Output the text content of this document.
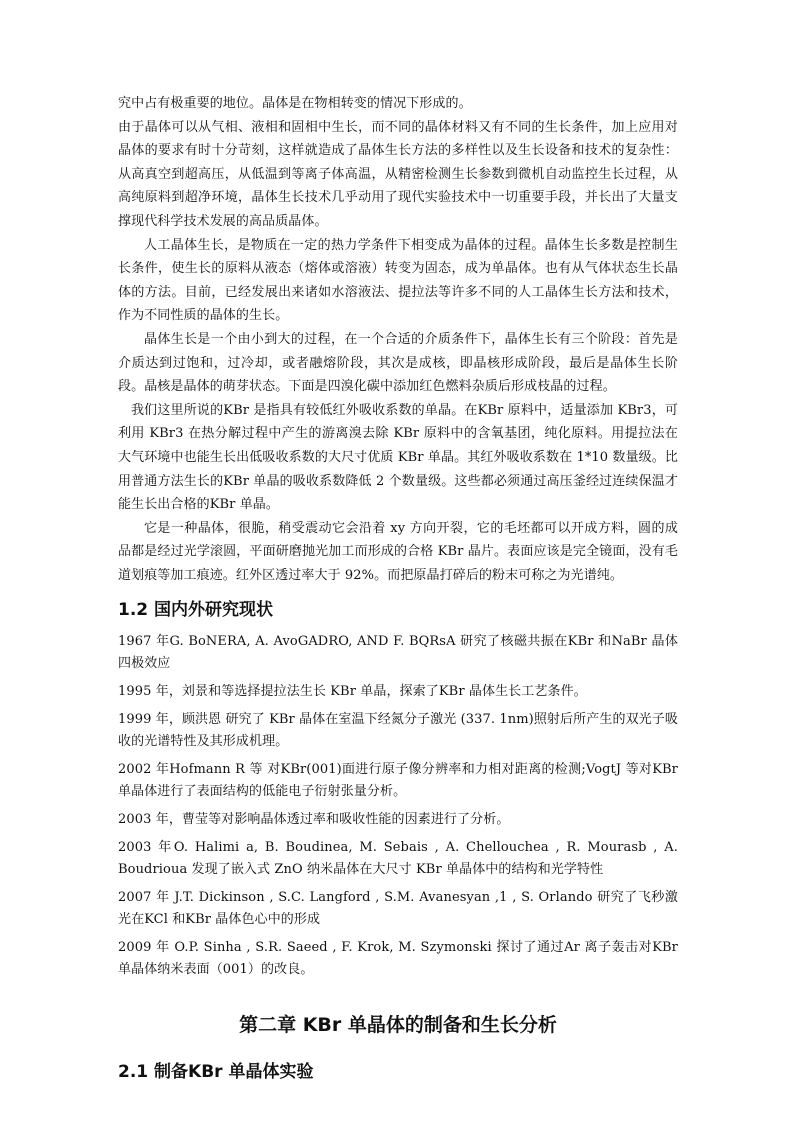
究中占有极重要的地位。晶体是在物相转变的情况下形成的。

由于晶体可以从气相、液相和固相中生长，而不同的晶体材料又有不同的生长条件，加上应用对晶体的要求有时十分苛刻，这样就造成了晶体生长方法的多样性以及生长设备和技术的复杂性：从高真空到超高压，从低温到等离子体高温，从精密检测生长参数到微机自动监控生长过程，从高纯原料到超净环境，晶体生长技术几乎动用了现代实验技术中一切重要手段，并长出了大量支撑现代科学技术发展的高品质晶体。

人工晶体生长，是物质在一定的热力学条件下相变成为晶体的过程。晶体生长多数是控制生长条件，使生长的原料从液态（熔体或溶液）转变为固态，成为单晶体。也有从气体状态生长晶体的方法。目前，已经发展出来诸如水溶液法、提拉法等许多不同的人工晶体生长方法和技术，作为不同性质的晶体的生长。

晶体生长是一个由小到大的过程，在一个合适的介质条件下，晶体生长有三个阶段：首先是介质达到过饱和，过冷却，或者融熔阶段，其次是成核，即晶核形成阶段，最后是晶体生长阶段。晶核是晶体的萌芽状态。下面是四溴化碳中添加红色燃料杂质后形成枝晶的过程。

我们这里所说的KBr 是指具有较低红外吸收系数的单晶。在KBr 原料中，适量添加 KBr3，可利用 KBr3 在热分解过程中产生的游离溴去除 KBr 原料中的含氧基团，纯化原料。用提拉法在大气环境中也能生长出低吸收系数的大尺寸优质 KBr 单晶。其红外吸收系数在 1*10 数量级。比用普通方法生长的KBr 单晶的吸收系数降低 2 个数量级。这些都必须通过高压釜经过连续保温才能生长出合格的KBr 单晶。

它是一种晶体，很脆，稍受震动它会沿着 xy 方向开裂，它的毛坯都可以开成方料，圆的成品都是经过光学滚圆，平面研磨抛光加工而形成的合格 KBr 晶片。表面应该是完全镜面，没有毛道划痕等加工痕迹。红外区透过率大于 92%。而把原晶打碎后的粉末可称之为光谱纯。

1.2 国内外研究现状

1967 年G. BoNERA, A. AvoGADRO, AND F. BQRsA 研究了核磁共振在KBr 和NaBr 晶体四极效应

1995 年，刘景和等选择提拉法生长 KBr 单晶，探索了KBr 晶体生长工艺条件。

1999 年，顾洪恩 研究了 KBr 晶体在室温下经氮分子激光 (337. 1nm)照射后所产生的双光子吸收的光谱特性及其形成机理。

2002 年Hofmann R 等 对KBr(001)面进行原子像分辨率和力相对距离的检测;VogtJ 等对KBr 单晶体进行了表面结构的低能电子衍射张量分析。

2003 年，曹莹等对影响晶体透过率和吸收性能的因素进行了分析。

2003 年O. Halimi a, B. Boudinea, M. Sebais , A. Chellouchea , R. Mourasb , A. Boudrioua 发现了嵌入式 ZnO 纳米晶体在大尺寸 KBr 单晶体中的结构和光学特性

2007 年 J.T. Dickinson , S.C. Langford , S.M. Avanesyan ,1 , S. Orlando 研究了飞秒激光在KCl 和KBr 晶体色心中的形成

2009 年 O.P. Sinha , S.R. Saeed , F. Krok, M. Szymonski 探讨了通过Ar 离子轰击对KBr 单晶体纳米表面（001）的改良。

第二章 KBr 单晶体的制备和生长分析
2.1 制备KBr 单晶体实验
